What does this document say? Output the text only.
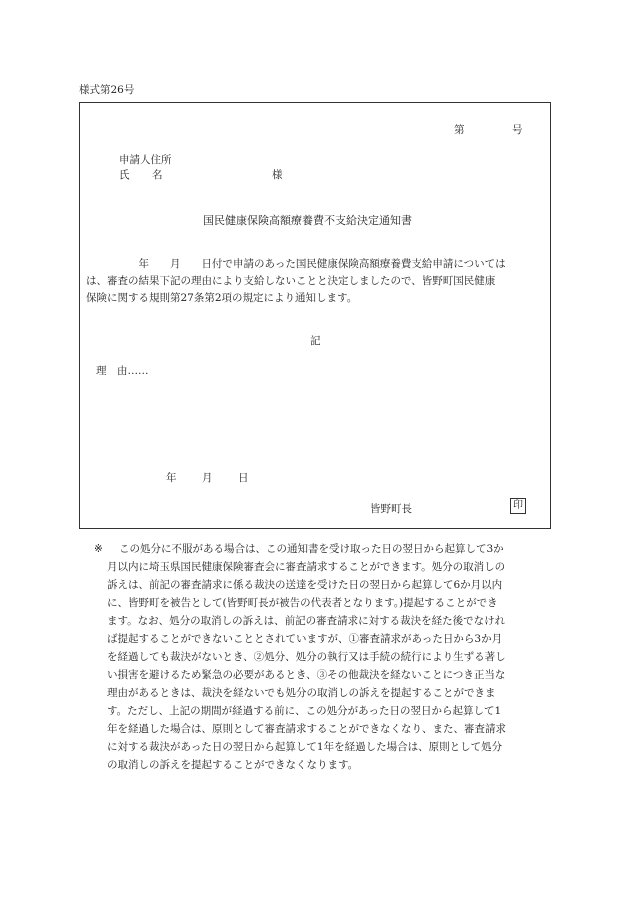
様式第26号
第	号
申請人住所
氏 名	様
国民健康保険高額療養費不支給決定通知書

　　　　　年　　月　　日付で申請のあった国民健康保険高額療養費支給申請については

は、審査の結果下記の理由により支給しないことと決定しましたので、皆野町国民健康

保険に関する規則第27条第2項の規定により通知します。

記
理　由……
年 月 日
皆野町長	印
※ この処分に不服がある場合は、この通知書を受け取った日の翌日から起算して3か

月以内に埼玉県国民健康保険審査会に審査請求することができます。処分の取消しの

訴えは、前記の審査請求に係る裁決の送達を受けた日の翌日から起算して6か月以内

に、皆野町を被告として(皆野町長が被告の代表者となります。)提起することができ

ます。なお、処分の取消しの訴えは、前記の審査請求に対する裁決を経た後でなけれ

ば提起することができないこととされていますが、①審査請求があった日から3か月

を経過しても裁決がないとき、②処分、処分の執行又は手続の続行により生ずる著し

い損害を避けるため緊急の必要があるとき、③その他裁決を経ないことにつき正当な

理由があるときは、裁決を経ないでも処分の取消しの訴えを提起することができま

す。ただし、上記の期間が経過する前に、この処分があった日の翌日から起算して1

年を経過した場合は、原則として審査請求することができなくなり、また、審査請求

に対する裁決があった日の翌日から起算して1年を経過した場合は、原則として処分

の取消しの訴えを提起することができなくなります。
